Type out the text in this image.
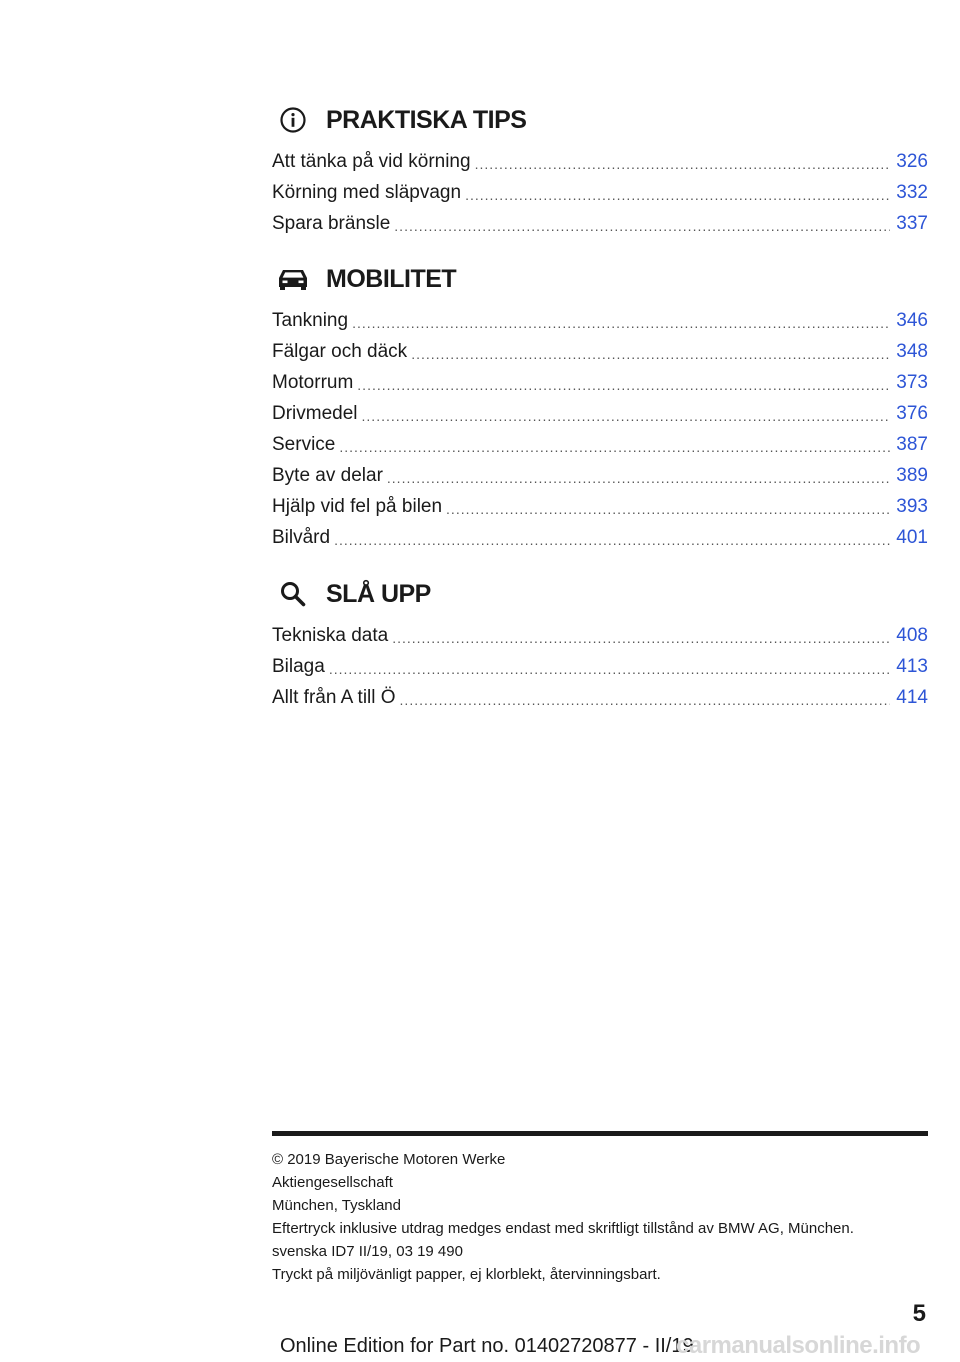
PRAKTISKA TIPS
Att tänka på vid körning .....	326
Körning med släpvagn .....	332
Spara bränsle .....	337
MOBILITET
Tankning .....	346
Fälgar och däck .....	348
Motorrum .....	373
Drivmedel .....	376
Service .....	387
Byte av delar .....	389
Hjälp vid fel på bilen .....	393
Bilvård .....	401
SLÅ UPP
Tekniska data .....	408
Bilaga .....	413
Allt från A till Ö .....	414
© 2019 Bayerische Motoren Werke
Aktiengesellschaft
München, Tyskland
Eftertryck inklusive utdrag medges endast med skriftligt tillstånd av BMW AG, München.
svenska ID7 II/19, 03 19 490
Tryckt på miljövänligt papper, ej klorblekt, återvinningsbart.
5
Online Edition for Part no. 01402720877 - II/19
carmanualsonline.info
